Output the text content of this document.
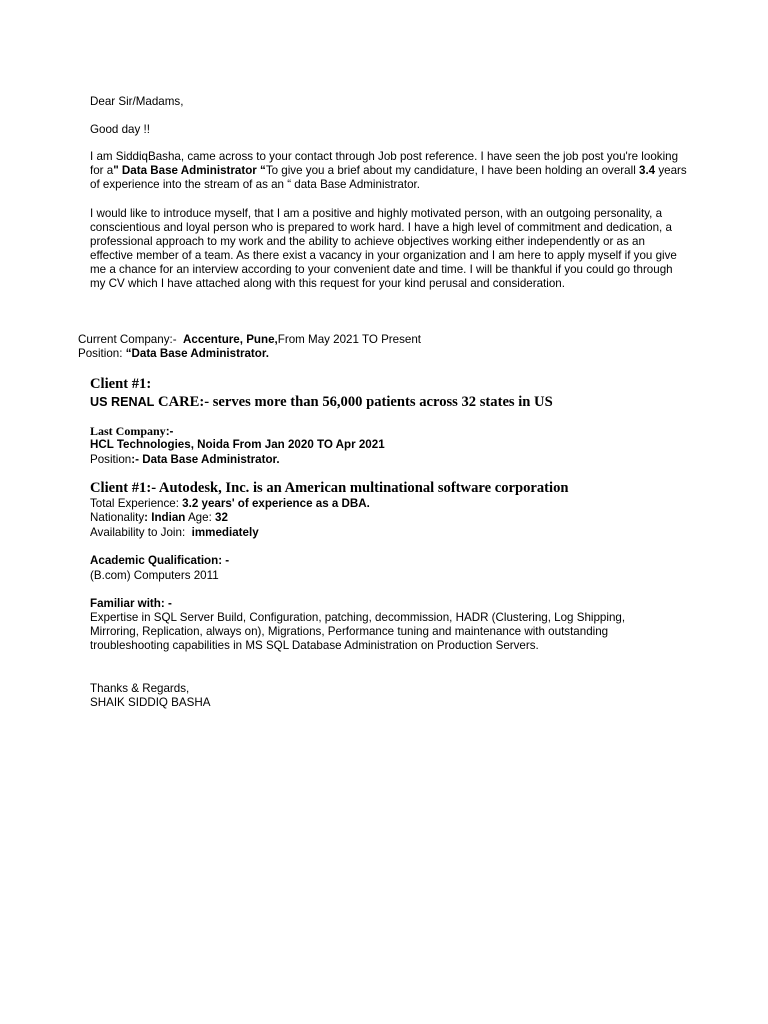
Dear Sir/Madams,

Good day !!

I am SiddiqBasha, came across to your contact through Job post reference. I have seen the job post you're looking for a" Data Base Administrator “To give you a brief about my candidature, I have been holding an overall 3.4 years of experience into the stream of as an “ data Base Administrator.

I would like to introduce myself, that I am a positive and highly motivated person, with an outgoing personality, a conscientious and loyal person who is prepared to work hard. I have a high level of commitment and dedication, a professional approach to my work and the ability to achieve objectives working either independently or as an effective member of a team. As there exist a vacancy in your organization and I am here to apply myself if you give me a chance for an interview according to your convenient date and time. I will be thankful if you could go through my CV which I have attached along with this request for your kind perusal and consideration.

Current Company:- Accenture, Pune,From May 2021 TO Present

Position: “Data Base Administrator.

Client #1:

US RENAL CARE:- serves more than 56,000 patients across 32 states in US

Last Company:-

HCL Technologies, Noida From Jan 2020 TO Apr 2021

Position:- Data Base Administrator.

Client #1:- Autodesk, Inc. is an American multinational software corporation

Total Experience: 3.2 years' of experience as a DBA.

Nationality: Indian Age: 32

Availability to Join: immediately

Academic Qualification: -

(B.com) Computers 2011

Familiar with: -

Expertise in SQL Server Build, Configuration, patching, decommission, HADR (Clustering, Log Shipping, Mirroring, Replication, always on), Migrations, Performance tuning and maintenance with outstanding troubleshooting capabilities in MS SQL Database Administration on Production Servers.

Thanks & Regards,

SHAIK SIDDIQ BASHA
